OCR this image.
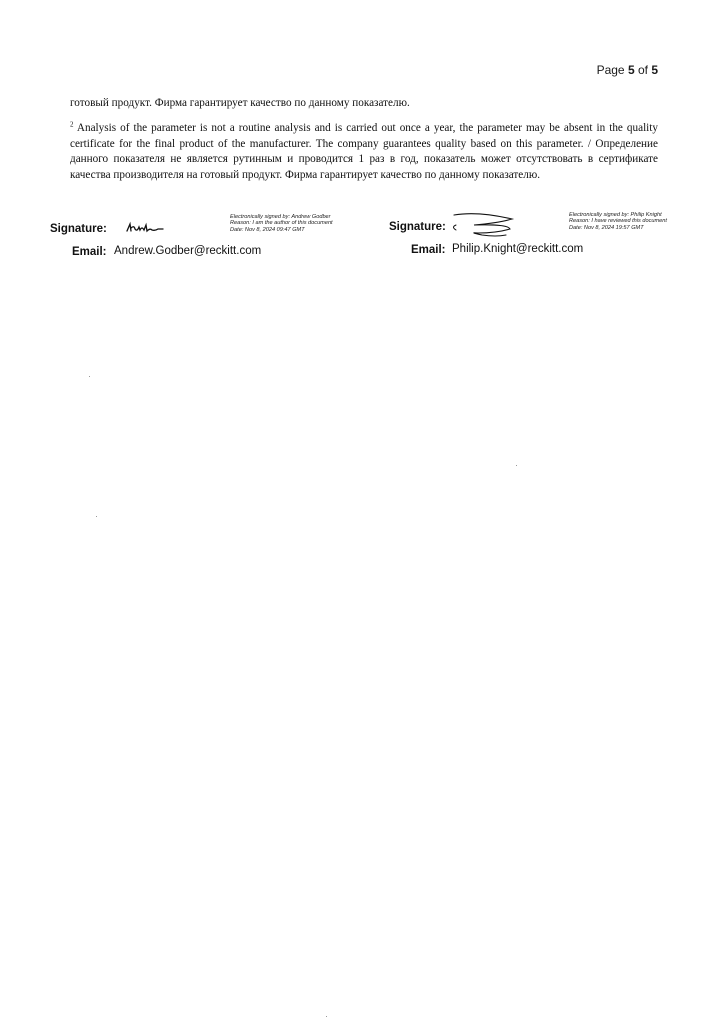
Page 5 of 5
готовый продукт. Фирма гарантирует качество по данному показателю.
$^2$ Analysis of the parameter is not a routine analysis and is carried out once a year, the parameter may be absent in the quality certificate for the final product of the manufacturer. The company guarantees quality based on this parameter. / Определение данного показателя не является рутинным и проводится 1 раз в год, показатель может отсутствовать в сертификате качества производителя на готовый продукт. Фирма гарантирует качество по данному показателю.
Signature:
Electronically signed by: Andrew Godber
Reason: I am the author of this document
Date: Nov 8, 2024 09:47 GMT
Email: Andrew.Godber@reckitt.com
Signature:
Electronically signed by: Philip Knight
Reason: I have reviewed this document
Date: Nov 8, 2024 19:57 GMT
Email: Philip.Knight@reckitt.com
